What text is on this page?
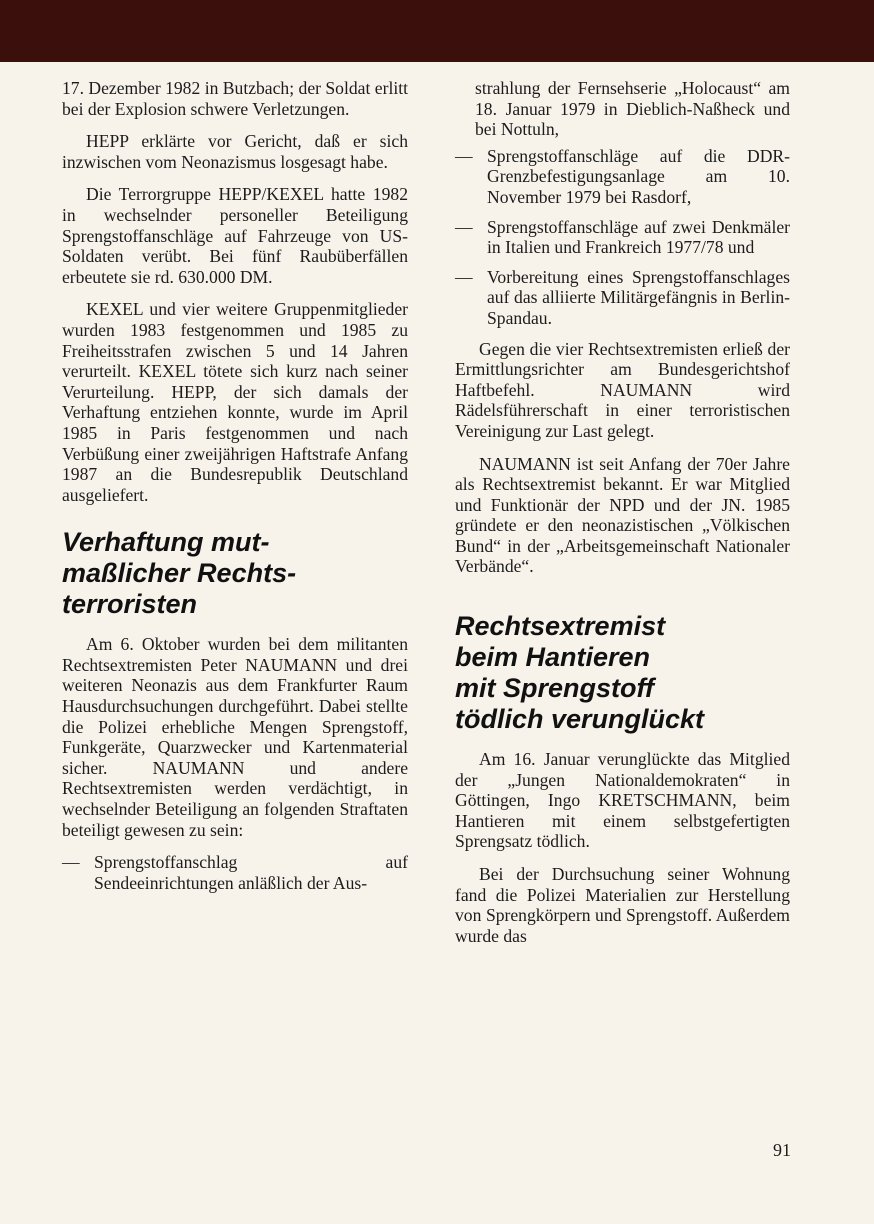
17. Dezember 1982 in Butzbach; der Soldat erlitt bei der Explosion schwere Verletzungen.

HEPP erklärte vor Gericht, daß er sich inzwischen vom Neonazismus losgesagt habe.

Die Terrorgruppe HEPP/KEXEL hatte 1982 in wechselnder personeller Beteiligung Sprengstoffanschläge auf Fahrzeuge von US-Soldaten verübt. Bei fünf Raubüberfällen erbeutete sie rd. 630.000 DM.

KEXEL und vier weitere Gruppenmitglieder wurden 1983 festgenommen und 1985 zu Freiheitsstrafen zwischen 5 und 14 Jahren verurteilt. KEXEL tötete sich kurz nach seiner Verurteilung. HEPP, der sich damals der Verhaftung entziehen konnte, wurde im April 1985 in Paris festgenommen und nach Verbüßung einer zweijährigen Haftstrafe Anfang 1987 an die Bundesrepublik Deutschland ausgeliefert.

Verhaftung mut-
maßlicher Rechts-
terroristen

Am 6. Oktober wurden bei dem militanten Rechtsextremisten Peter NAUMANN und drei weiteren Neonazis aus dem Frankfurter Raum Hausdurchsuchungen durchgeführt. Dabei stellte die Polizei erhebliche Mengen Sprengstoff, Funkgeräte, Quarzwecker und Kartenmaterial sicher. NAUMANN und andere Rechtsextremisten werden verdächtigt, in wechselnder Beteiligung an folgenden Straftaten beteiligt gewesen zu sein:

— Sprengstoffanschlag auf Sendeeinrichtungen anläßlich der Aus-
strahlung der Fernsehserie „Holocaust“ am 18. Januar 1979 in Dieblich-Naßheck und bei Nottuln,
— Sprengstoffanschläge auf die DDR-Grenzbefestigungsanlage am 10. November 1979 bei Rasdorf,
— Sprengstoffanschläge auf zwei Denkmäler in Italien und Frankreich 1977/78 und
— Vorbereitung eines Sprengstoffanschlages auf das alliierte Militärgefängnis in Berlin-Spandau.

Gegen die vier Rechtsextremisten erließ der Ermittlungsrichter am Bundesgerichtshof Haftbefehl. NAUMANN wird Rädelsführerschaft in einer terroristischen Vereinigung zur Last gelegt.

NAUMANN ist seit Anfang der 70er Jahre als Rechtsextremist bekannt. Er war Mitglied und Funktionär der NPD und der JN. 1985 gründete er den neonazistischen „Völkischen Bund“ in der „Arbeitsgemeinschaft Nationaler Verbände“.

Rechtsextremist
beim Hantieren
mit Sprengstoff
tödlich verunglückt

Am 16. Januar verunglückte das Mitglied der „Jungen Nationaldemokraten“ in Göttingen, Ingo KRETSCHMANN, beim Hantieren mit einem selbstgefertigten Sprengsatz tödlich.

Bei der Durchsuchung seiner Wohnung fand die Polizei Materialien zur Herstellung von Sprengkörpern und Sprengstoff. Außerdem wurde das

91
